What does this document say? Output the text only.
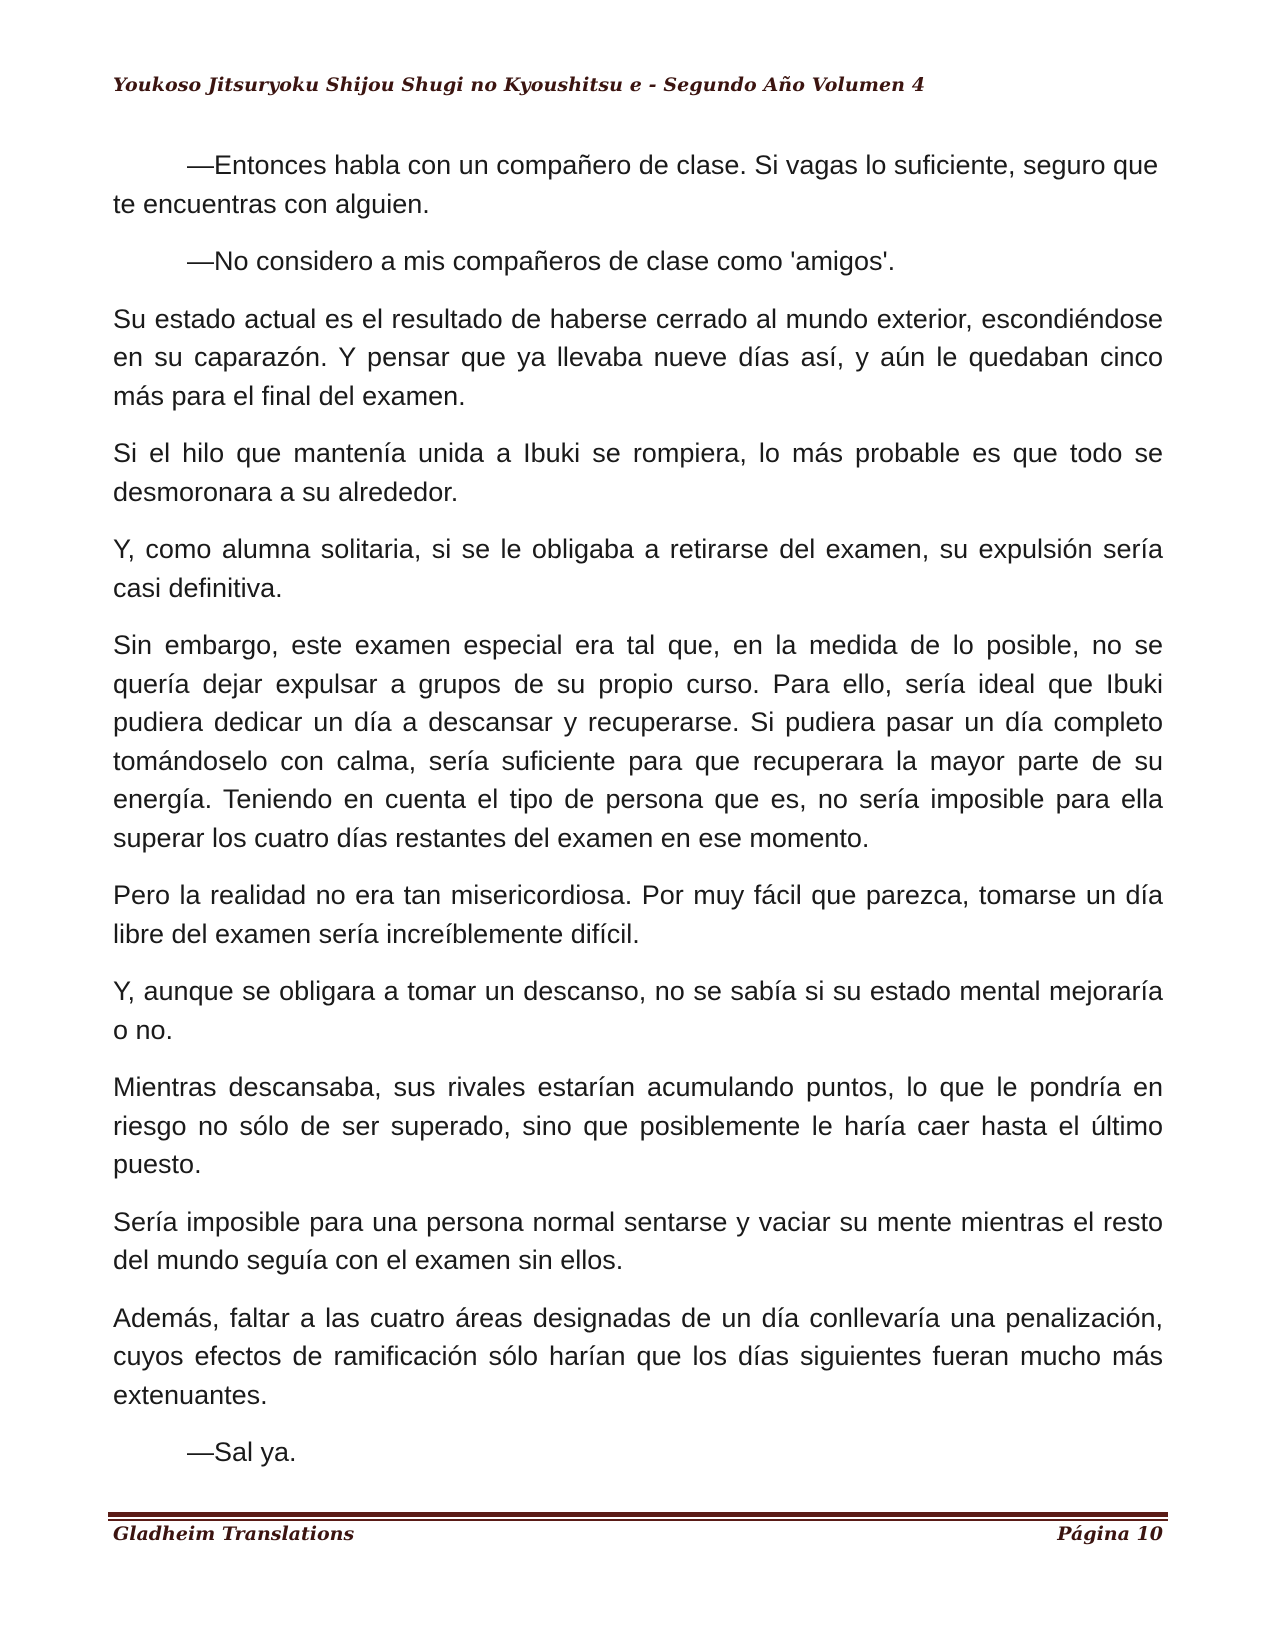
Youkoso Jitsuryoku Shijou Shugi no Kyoushitsu e - Segundo Año Volumen 4

—Entonces habla con un compañero de clase. Si vagas lo suficiente, seguro que te encuentras con alguien.

—No considero a mis compañeros de clase como 'amigos'.

Su estado actual es el resultado de haberse cerrado al mundo exterior, escondiéndose en su caparazón. Y pensar que ya llevaba nueve días así, y aún le quedaban cinco más para el final del examen.

Si el hilo que mantenía unida a Ibuki se rompiera, lo más probable es que todo se desmoronara a su alrededor.

Y, como alumna solitaria, si se le obligaba a retirarse del examen, su expulsión sería casi definitiva.

Sin embargo, este examen especial era tal que, en la medida de lo posible, no se quería dejar expulsar a grupos de su propio curso. Para ello, sería ideal que Ibuki pudiera dedicar un día a descansar y recuperarse. Si pudiera pasar un día completo tomándoselo con calma, sería suficiente para que recuperara la mayor parte de su energía. Teniendo en cuenta el tipo de persona que es, no sería imposible para ella superar los cuatro días restantes del examen en ese momento.

Pero la realidad no era tan misericordiosa. Por muy fácil que parezca, tomarse un día libre del examen sería increíblemente difícil.

Y, aunque se obligara a tomar un descanso, no se sabía si su estado mental mejoraría o no.

Mientras descansaba, sus rivales estarían acumulando puntos, lo que le pondría en riesgo no sólo de ser superado, sino que posiblemente le haría caer hasta el último puesto.

Sería imposible para una persona normal sentarse y vaciar su mente mientras el resto del mundo seguía con el examen sin ellos.

Además, faltar a las cuatro áreas designadas de un día conllevaría una penalización, cuyos efectos de ramificación sólo harían que los días siguientes fueran mucho más extenuantes.

—Sal ya.

Gladheim Translations	Página 10
